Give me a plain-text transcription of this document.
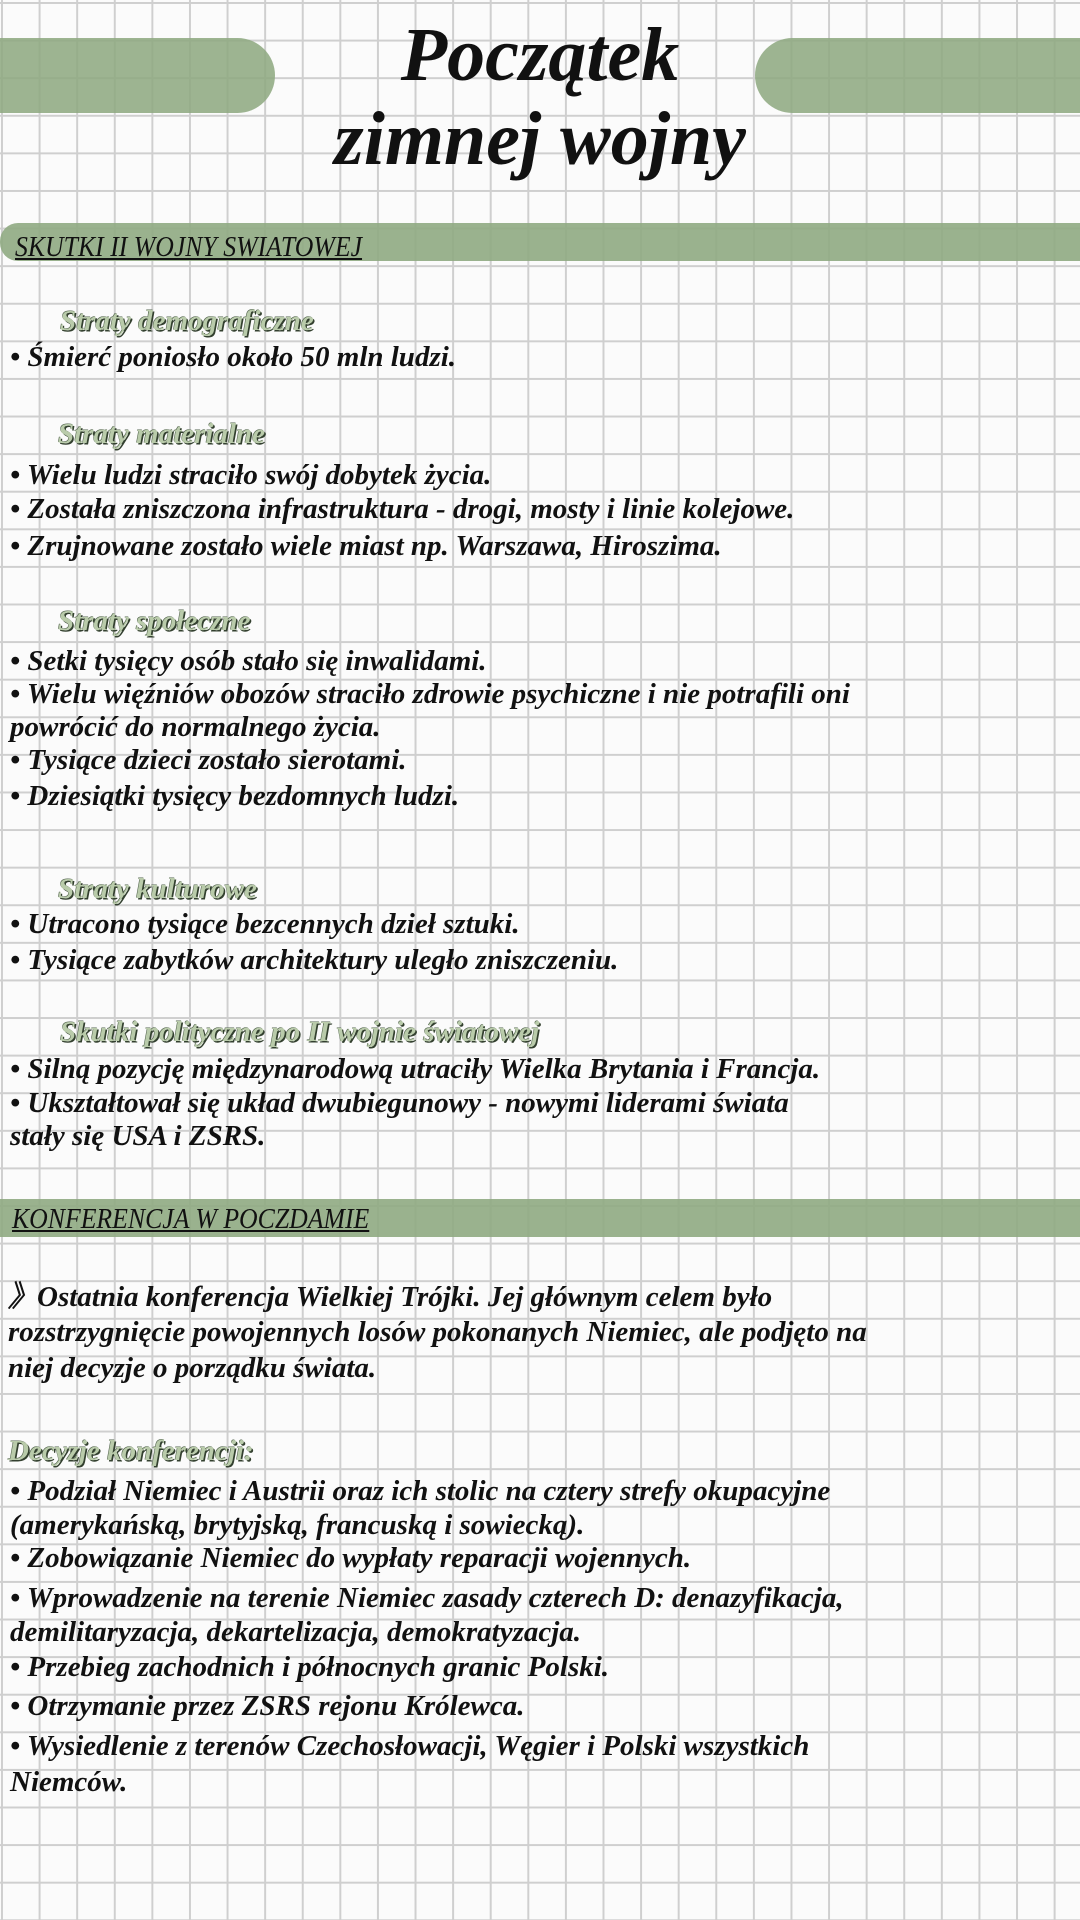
Początek
zimnej wojny
SKUTKI II WOJNY SWIATOWEJ
Straty demograficzne
• Śmierć poniosło około 50 mln ludzi.
Straty materialne
• Wielu ludzi straciło swój dobytek życia.
• Została zniszczona infrastruktura - drogi, mosty i linie kolejowe.
• Zrujnowane zostało wiele miast np. Warszawa, Hiroszima.
Straty społeczne
• Setki tysięcy osób stało się inwalidami.
• Wielu więźniów obozów straciło zdrowie psychiczne i nie potrafili oni
powrócić do normalnego życia.
• Tysiące dzieci zostało sierotami.
• Dziesiątki tysięcy bezdomnych ludzi.
Straty kulturowe
• Utracono tysiące bezcennych dzieł sztuki.
• Tysiące zabytków architektury uległo zniszczeniu.
Skutki polityczne po II wojnie światowej
• Silną pozycję międzynarodową utraciły Wielka Brytania i Francja.
• Ukształtował się układ dwubiegunowy - nowymi liderami świata
stały się USA i ZSRS.
KONFERENCJA W POCZDAMIE
》Ostatnia konferencja Wielkiej Trójki. Jej głównym celem było
rozstrzygnięcie powojennych losów pokonanych Niemiec, ale podjęto na
niej decyzje o porządku świata.
Decyzje konferencji:
• Podział Niemiec i Austrii oraz ich stolic na cztery strefy okupacyjne
(amerykańską, brytyjską, francuską i sowiecką).
• Zobowiązanie Niemiec do wypłaty reparacji wojennych.
• Wprowadzenie na terenie Niemiec zasady czterech D: denazyfikacja,
demilitaryzacja, dekartelizacja, demokratyzacja.
• Przebieg zachodnich i północnych granic Polski.
• Otrzymanie przez ZSRS rejonu Królewca.
• Wysiedlenie z terenów Czechosłowacji, Węgier i Polski wszystkich
Niemców.
